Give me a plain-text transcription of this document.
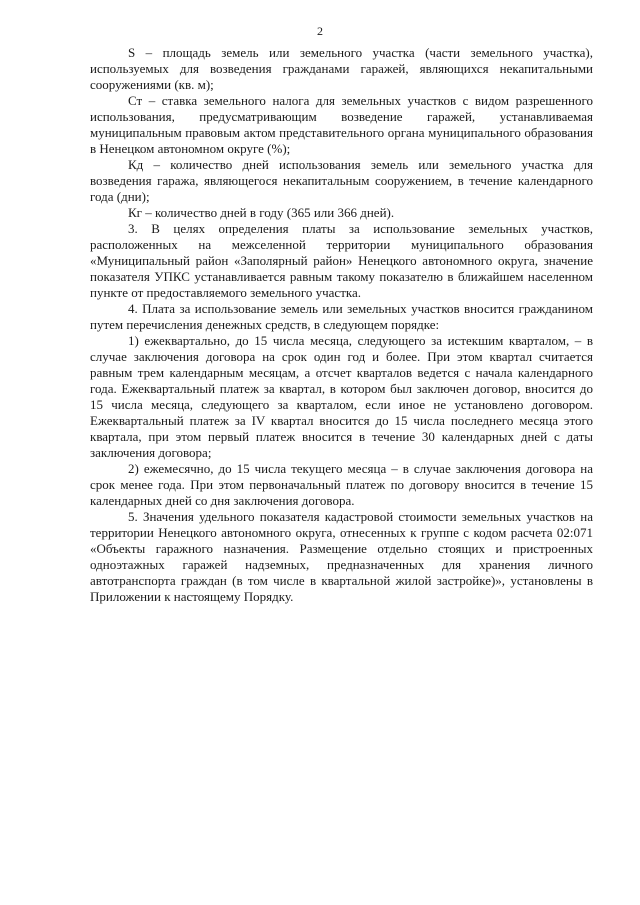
2

S – площадь земель или земельного участка (части земельного участка), используемых для возведения гражданами гаражей, являющихся некапитальными сооружениями (кв. м);

Ст – ставка земельного налога для земельных участков с видом разрешенного использования, предусматривающим возведение гаражей, устанавливаемая муниципальным правовым актом представительного органа муниципального образования в Ненецком автономном округе (%);

Кд – количество дней использования земель или земельного участка для возведения гаража, являющегося некапитальным сооружением, в течение календарного года (дни);

Кг – количество дней в году (365 или 366 дней).

3. В целях определения платы за использование земельных участков, расположенных на межселенной территории муниципального образования «Муниципальный район «Заполярный район» Ненецкого автономного округа, значение показателя УПКС устанавливается равным такому показателю в ближайшем населенном пункте от предоставляемого земельного участка.

4. Плата за использование земель или земельных участков вносится гражданином путем перечисления денежных средств, в следующем порядке:

1) ежеквартально, до 15 числа месяца, следующего за истекшим кварталом, – в случае заключения договора на срок один год и более. При этом квартал считается равным трем календарным месяцам, а отсчет кварталов ведется с начала календарного года. Ежеквартальный платеж за квартал, в котором был заключен договор, вносится до 15 числа месяца, следующего за кварталом, если иное не установлено договором. Ежеквартальный платеж за IV квартал вносится до 15 числа последнего месяца этого квартала, при этом первый платеж вносится в течение 30 календарных дней с даты заключения договора;

2) ежемесячно, до 15 числа текущего месяца – в случае заключения договора на срок менее года. При этом первоначальный платеж по договору вносится в течение 15 календарных дней со дня заключения договора.

5. Значения удельного показателя кадастровой стоимости земельных участков на территории Ненецкого автономного округа, отнесенных к группе с кодом расчета 02:071 «Объекты гаражного назначения. Размещение отдельно стоящих и пристроенных одноэтажных гаражей надземных, предназначенных для хранения личного автотранспорта граждан (в том числе в квартальной жилой застройке)», установлены в Приложении к настоящему Порядку.
